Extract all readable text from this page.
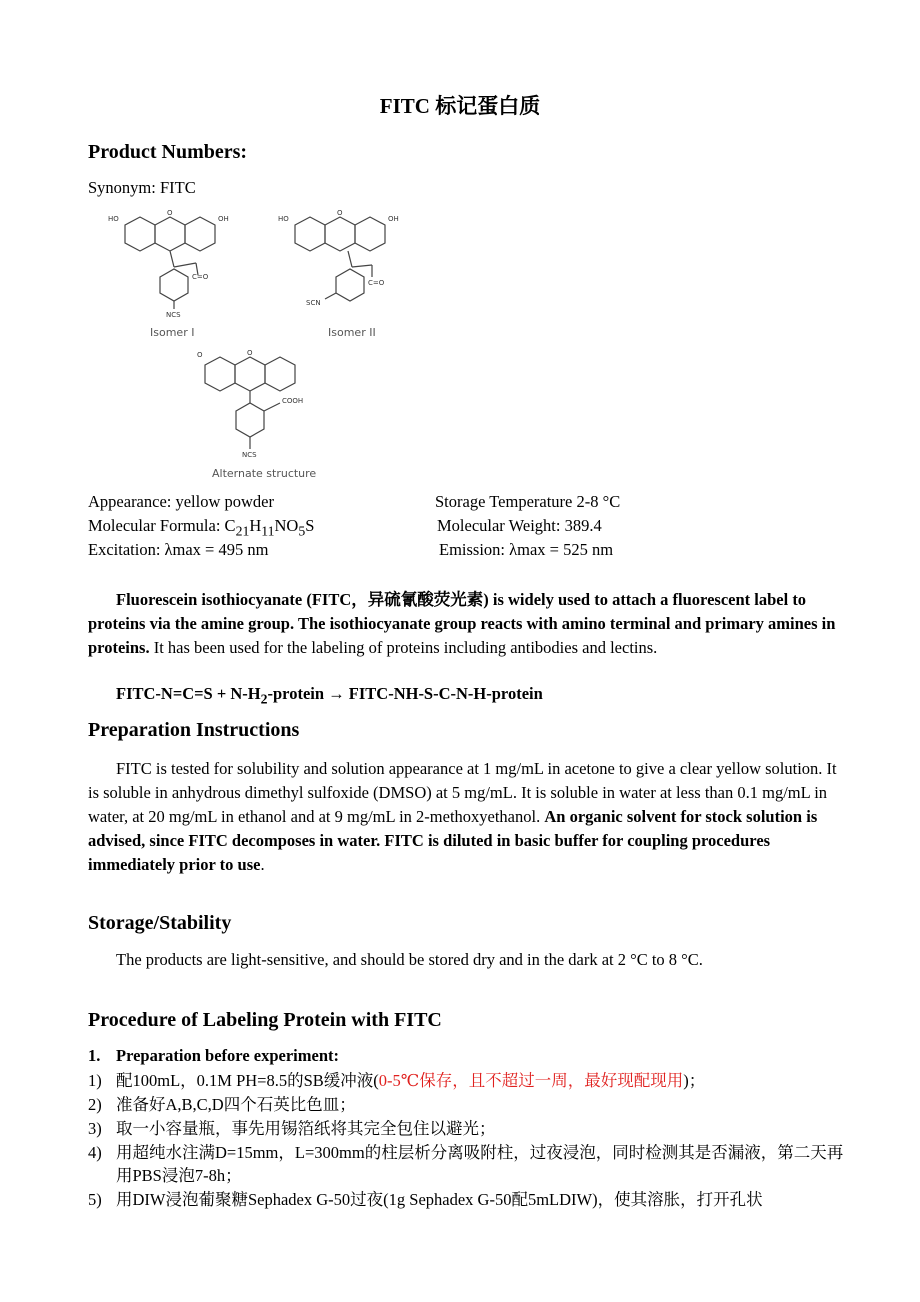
FITC 标记蛋白质
Product Numbers:
Synonym: FITC
HO	OH
O
C=O
NCS
HO	OH
O
C=O
SCN
O	O
COOH
NCS
Isomer I	Isomer II
Alternate structure
Appearance: yellow powder	Storage Temperature 2-8 °C
Molecular Formula: $C_{21}H_{11}NO_5S$	Molecular Weight: 389.4
Excitation: λmax = 495 nm	Emission: λmax = 525 nm
Fluorescein isothiocyanate (FITC，异硫氰酸荧光素) is widely used to attach a fluorescent label to proteins via the amine group. The isothiocyanate group reacts with amino terminal and primary amines in proteins. It has been used for the labeling of proteins including antibodies and lectins.
FITC-N=C=S + $N-H_2$-protein → FITC-NH-S-C-N-H-protein
Preparation Instructions
FITC is tested for solubility and solution appearance at 1 mg/mL in acetone to give a clear yellow solution. It is soluble in anhydrous dimethyl sulfoxide (DMSO) at 5 mg/mL. It is soluble in water at less than 0.1 mg/mL in water, at 20 mg/mL in ethanol and at 9 mg/mL in 2-methoxyethanol. An organic solvent for stock solution is advised, since FITC decomposes in water. FITC is diluted in basic buffer for coupling procedures immediately prior to use.
Storage/Stability
The products are light-sensitive, and should be stored dry and in the dark at 2 °C to 8 °C.
Procedure of Labeling Protein with FITC
1. Preparation before experiment:
1) 配100mL，0.1M PH=8.5的SB缓冲液(0-5℃保存，且不超过一周，最好现配现用)；
2) 准备好A,B,C,D四个石英比色皿；
3) 取一小容量瓶，事先用锡箔纸将其完全包住以避光；
4) 用超纯水注满D=15mm，L=300mm的柱层析分离吸附柱，过夜浸泡，同时检测其是否漏液，第二天再用PBS浸泡7-8h；
5) 用DIW浸泡葡聚糖Sephadex G-50过夜(1g Sephadex G-50配5mLDIW)，使其溶胀，打开孔状
